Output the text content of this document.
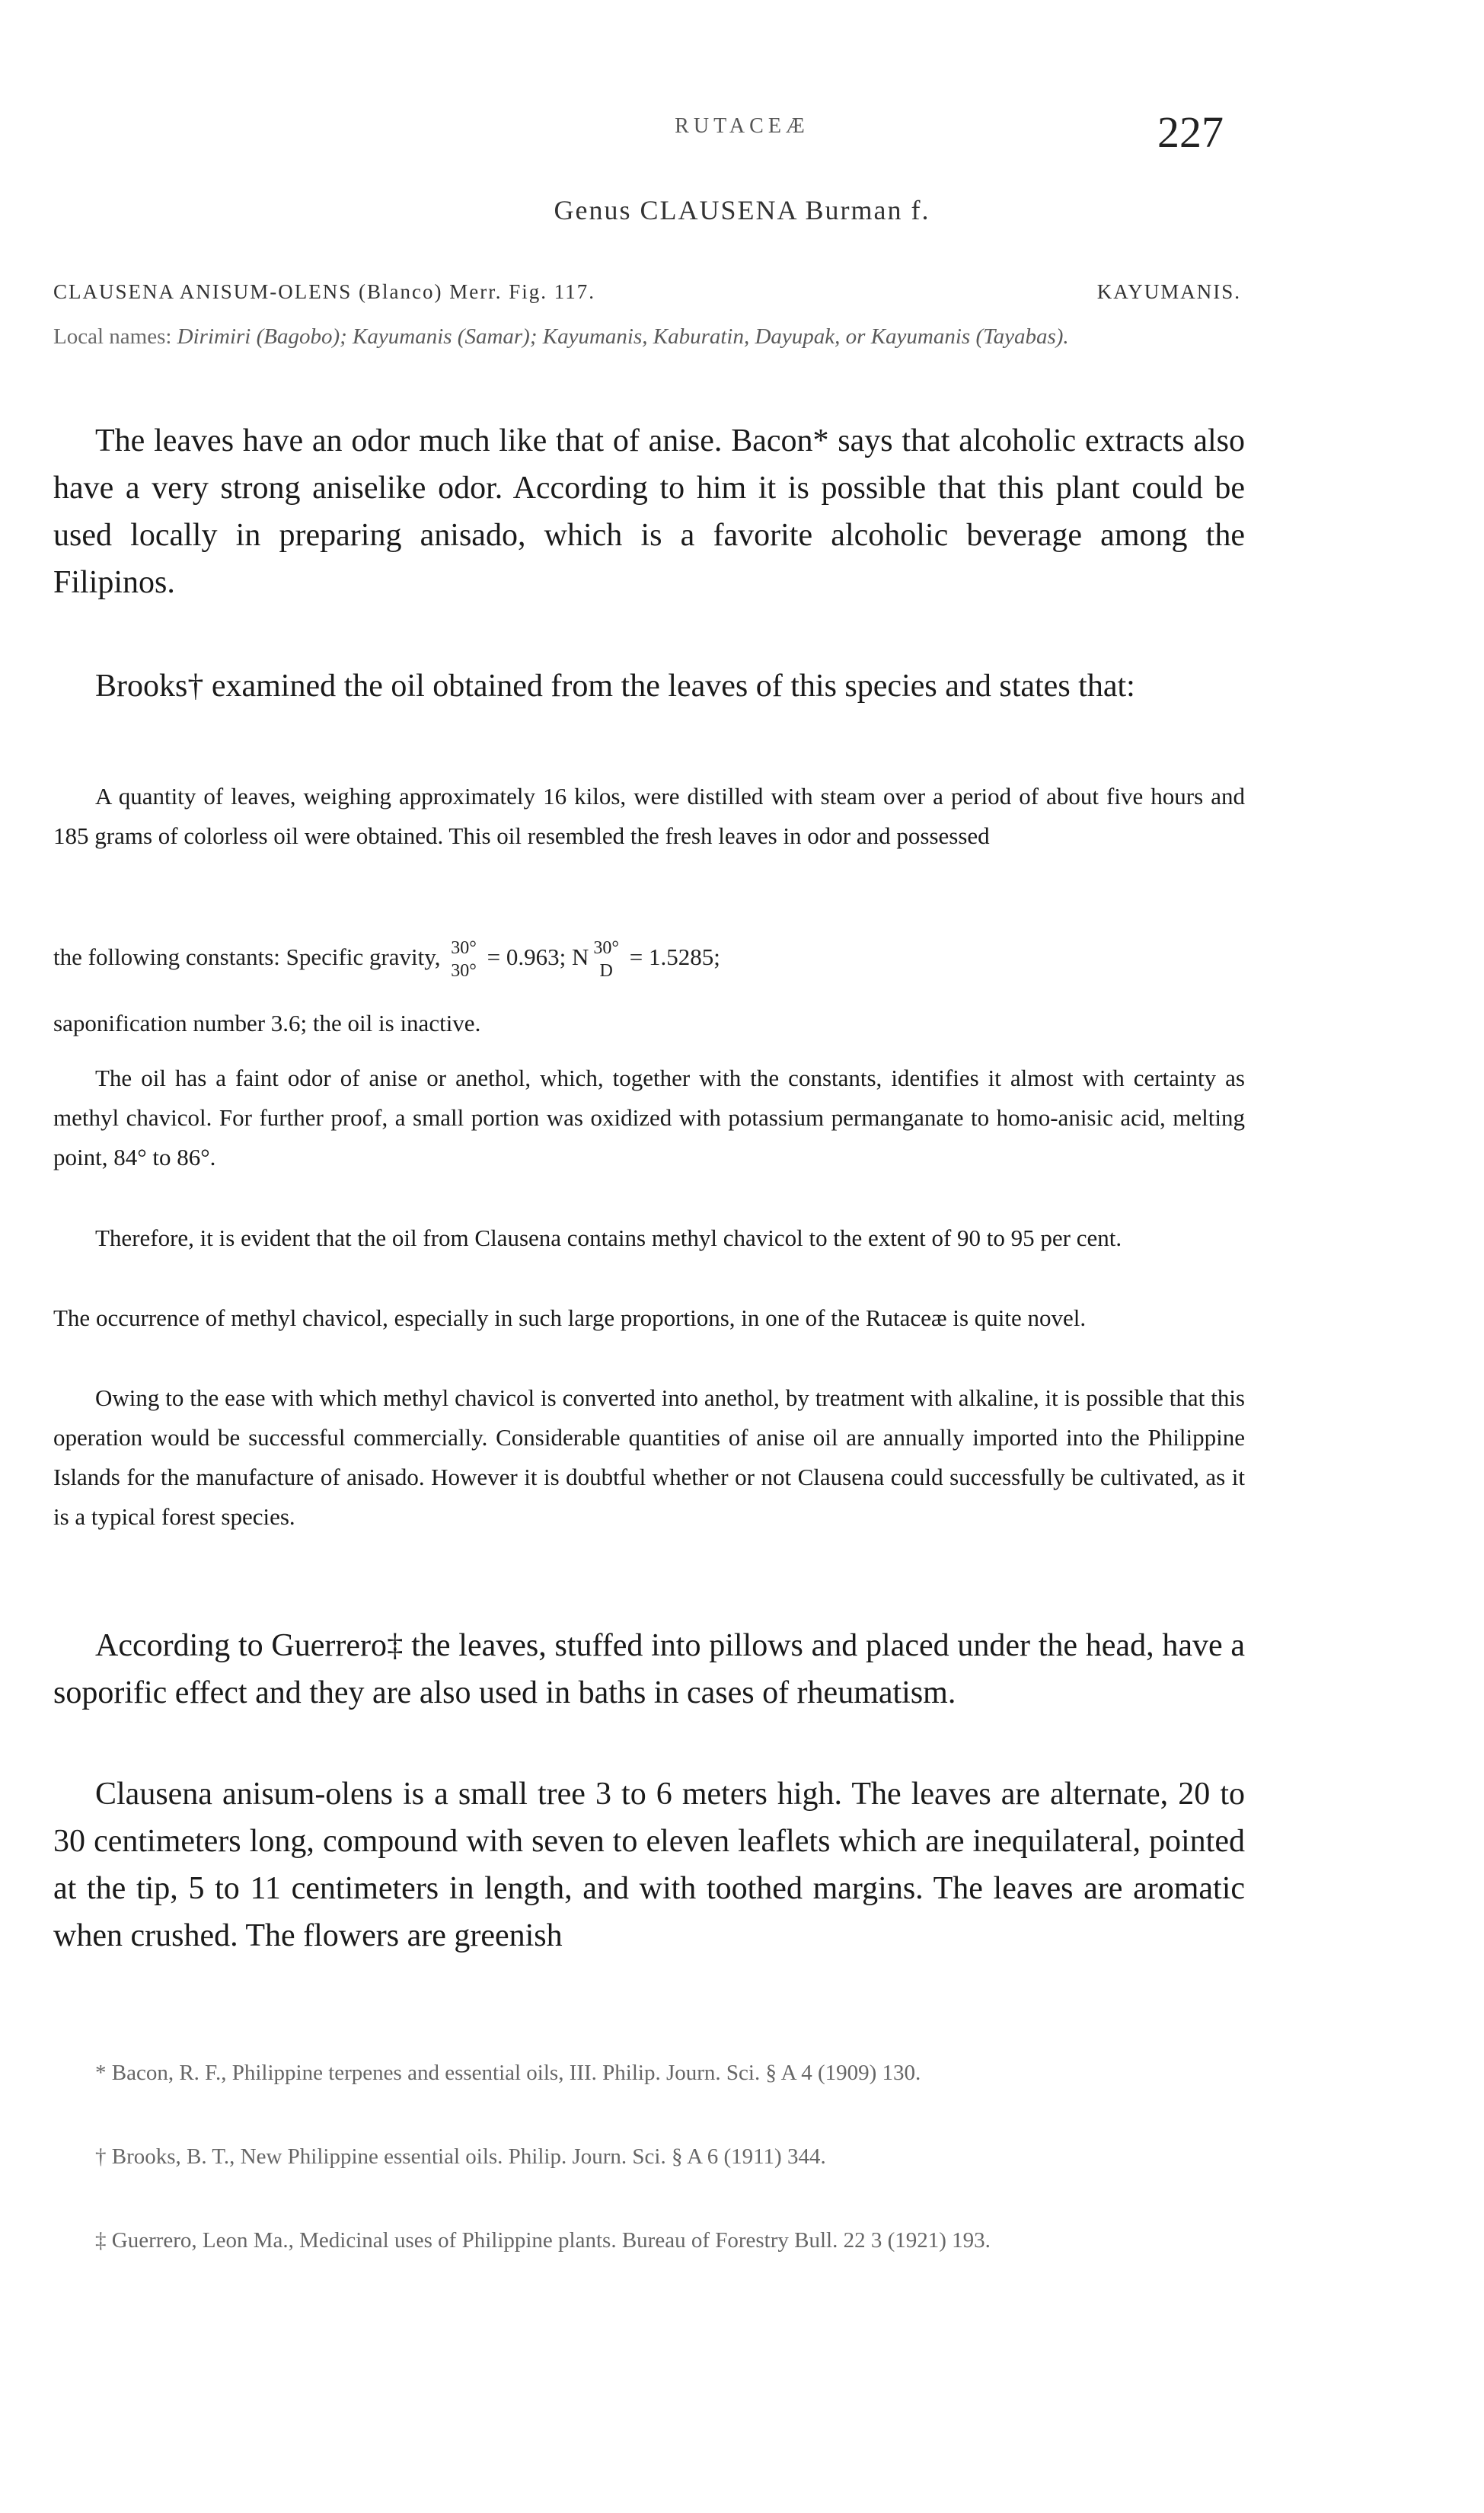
RUTACEÆ	227
Genus CLAUSENA Burman f.
CLAUSENA ANISUM-OLENS (Blanco) Merr. Fig. 117.	KAYUMANIS.
Local names: Dirimiri (Bagobo); Kayumanis (Samar); Kayumanis, Kaburatin, Dayupak, or Kayumanis (Tayabas).
The leaves have an odor much like that of anise. Bacon* says that alcoholic extracts also have a very strong aniselike odor. According to him it is possible that this plant could be used locally in preparing anisado, which is a favorite alcoholic beverage among the Filipinos.
Brooks† examined the oil obtained from the leaves of this species and states that:
A quantity of leaves, weighing approximately 16 kilos, were distilled with steam over a period of about five hours and 185 grams of colorless oil were obtained. This oil resembled the fresh leaves in odor and possessed
the following constants: Specific gravity, 30°
30°
= 0.963; N 30°
D
= 1.5285;
saponification number 3.6; the oil is inactive.
The oil has a faint odor of anise or anethol, which, together with the constants, identifies it almost with certainty as methyl chavicol. For further proof, a small portion was oxidized with potassium permanganate to homo-anisic acid, melting point, 84° to 86°.
Therefore, it is evident that the oil from Clausena contains methyl chavicol to the extent of 90 to 95 per cent.
The occurrence of methyl chavicol, especially in such large proportions, in one of the Rutaceæ is quite novel.
Owing to the ease with which methyl chavicol is converted into anethol, by treatment with alkaline, it is possible that this operation would be successful commercially. Considerable quantities of anise oil are annually imported into the Philippine Islands for the manufacture of anisado. However it is doubtful whether or not Clausena could successfully be cultivated, as it is a typical forest species.
According to Guerrero‡ the leaves, stuffed into pillows and placed under the head, have a soporific effect and they are also used in baths in cases of rheumatism.
Clausena anisum-olens is a small tree 3 to 6 meters high. The leaves are alternate, 20 to 30 centimeters long, compound with seven to eleven leaflets which are inequilateral, pointed at the tip, 5 to 11 centimeters in length, and with toothed margins. The leaves are aromatic when crushed. The flowers are greenish
* Bacon, R. F., Philippine terpenes and essential oils, III. Philip. Journ. Sci. § A 4 (1909) 130.
† Brooks, B. T., New Philippine essential oils. Philip. Journ. Sci. § A 6 (1911) 344.
‡ Guerrero, Leon Ma., Medicinal uses of Philippine plants. Bureau of Forestry Bull. 22 3 (1921) 193.
